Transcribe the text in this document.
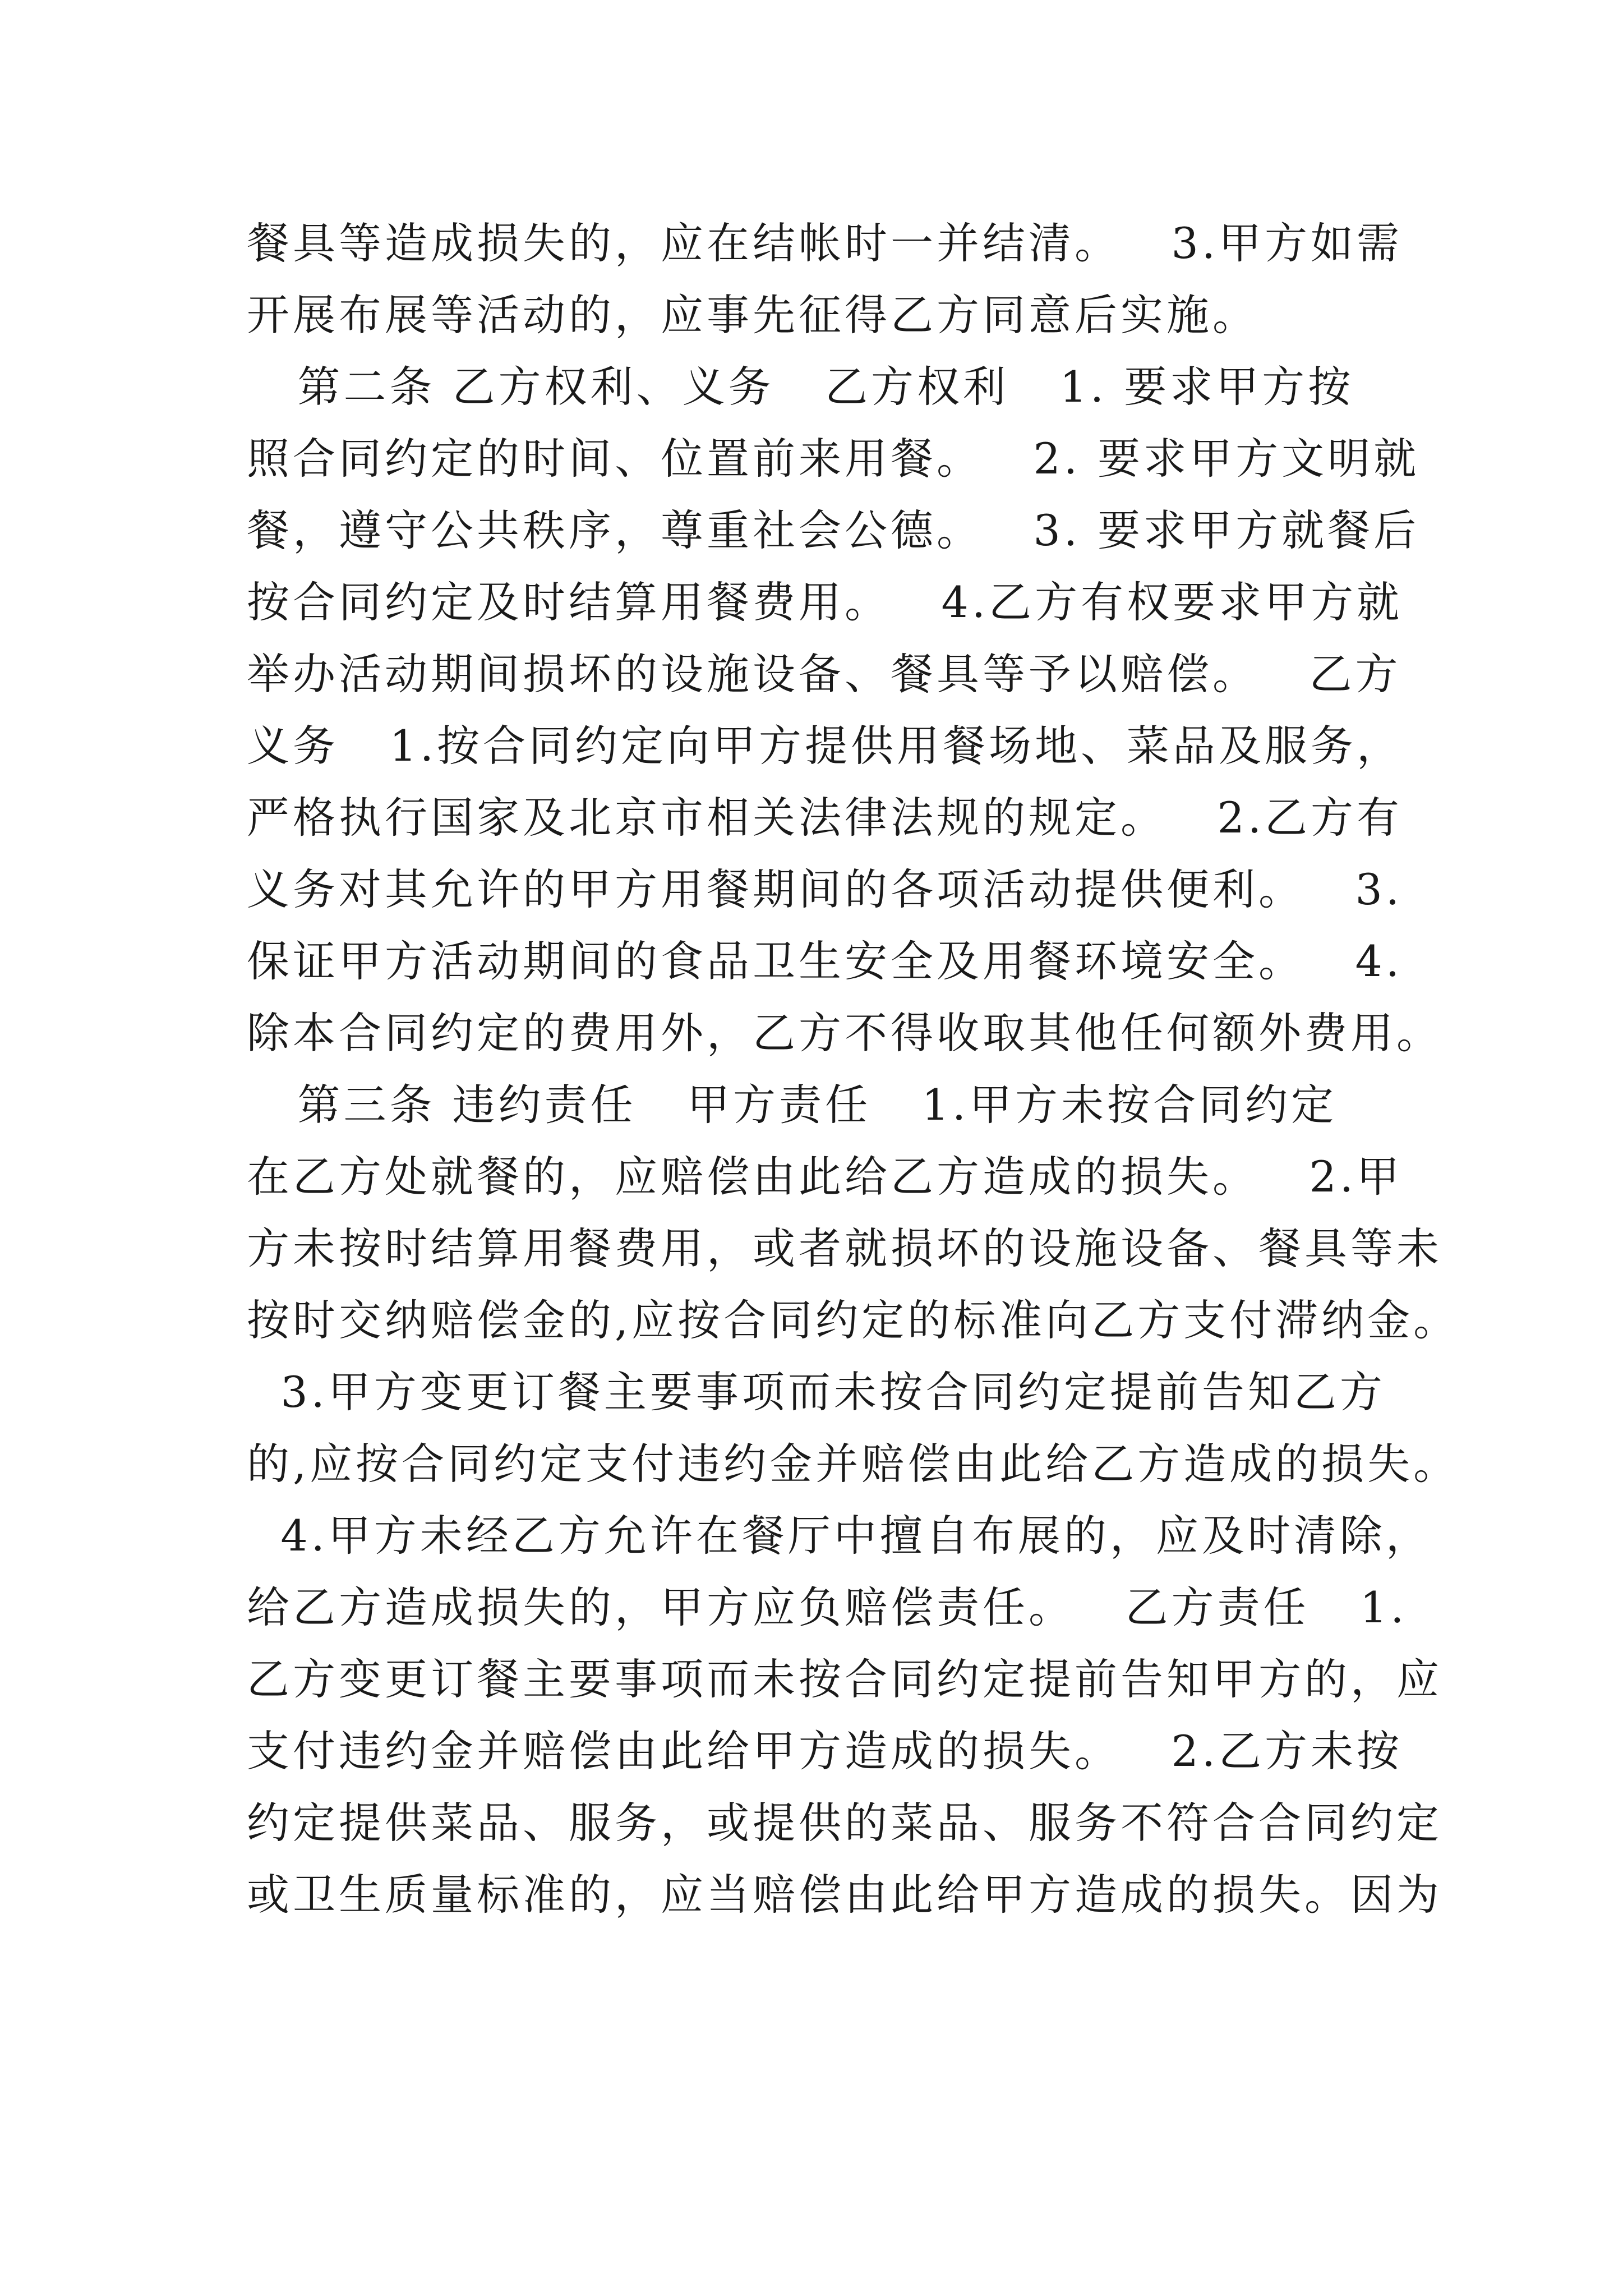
餐具等造成损失的，应在结帐时一并结清。   3.甲方如需
开展布展等活动的，应事先征得乙方同意后实施。
第二条 乙方权利、义务   乙方权利   1. 要求甲方按
照合同约定的时间、位置前来用餐。   2. 要求甲方文明就
餐，遵守公共秩序，尊重社会公德。   3. 要求甲方就餐后
按合同约定及时结算用餐费用。   4.乙方有权要求甲方就
举办活动期间损坏的设施设备、餐具等予以赔偿。   乙方
义务   1.按合同约定向甲方提供用餐场地、菜品及服务，
严格执行国家及北京市相关法律法规的规定。   2.乙方有
义务对其允许的甲方用餐期间的各项活动提供便利。   3.
保证甲方活动期间的食品卫生安全及用餐环境安全。   4.
除本合同约定的费用外，乙方不得收取其他任何额外费用。
第三条 违约责任   甲方责任   1.甲方未按合同约定
在乙方处就餐的，应赔偿由此给乙方造成的损失。   2.甲
方未按时结算用餐费用，或者就损坏的设施设备、餐具等未
按时交纳赔偿金的,应按合同约定的标准向乙方支付滞纳金。
3.甲方变更订餐主要事项而未按合同约定提前告知乙方
的,应按合同约定支付违约金并赔偿由此给乙方造成的损失。
4.甲方未经乙方允许在餐厅中擅自布展的，应及时清除，
给乙方造成损失的，甲方应负赔偿责任。   乙方责任   1.
乙方变更订餐主要事项而未按合同约定提前告知甲方的，应
支付违约金并赔偿由此给甲方造成的损失。   2.乙方未按
约定提供菜品、服务，或提供的菜品、服务不符合合同约定
或卫生质量标准的，应当赔偿由此给甲方造成的损失。因为
